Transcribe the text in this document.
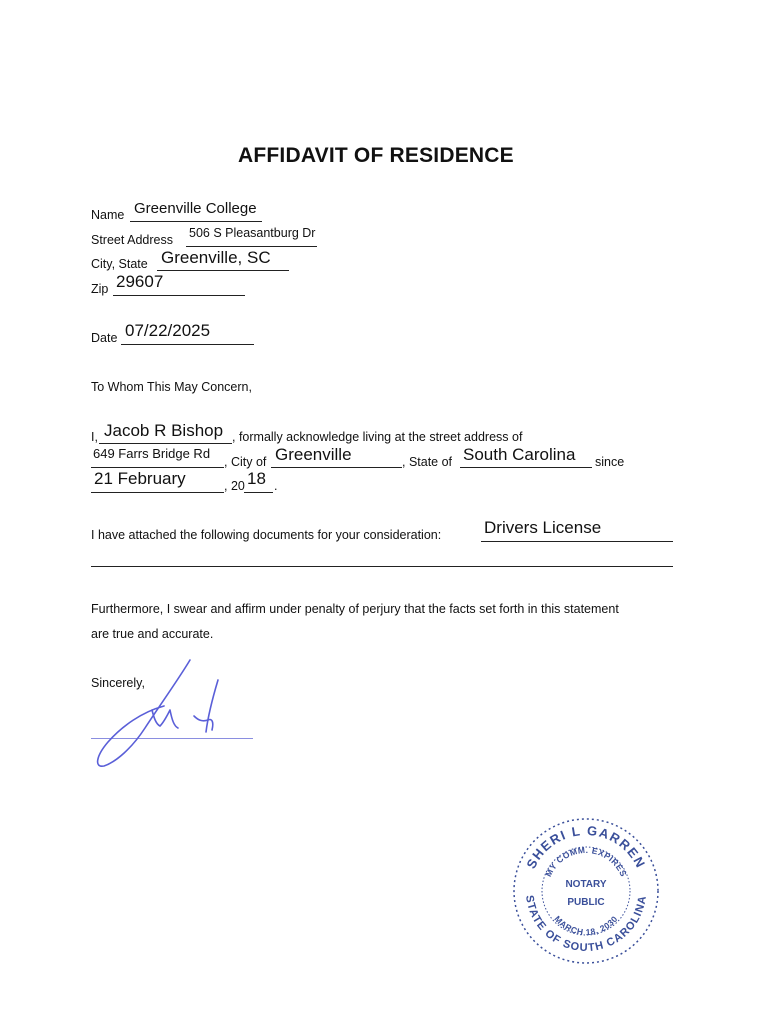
AFFIDAVIT OF RESIDENCE
Name Greenville College
Street Address 506 S Pleasantburg Dr
City, State Greenville, SC
Zip 29607
Date 07/22/2025
To Whom This May Concern,
I, Jacob R Bishop , formally acknowledge living at the street address of
649 Farrs Bridge Rd
, City of Greenville	, State of South Carolina since
21 February	, 20 18 .
I have attached the following documents for your consideration:	Drivers License
Furthermore, I swear and affirm under penalty of perjury that the facts set forth in this statement
are true and accurate.
Sincerely,
SHERI L GARREN
STATE OF SOUTH CAROLINA
MY COMM. EXPIRES
MARCH 18, 2030
NOTARY
PUBLIC
